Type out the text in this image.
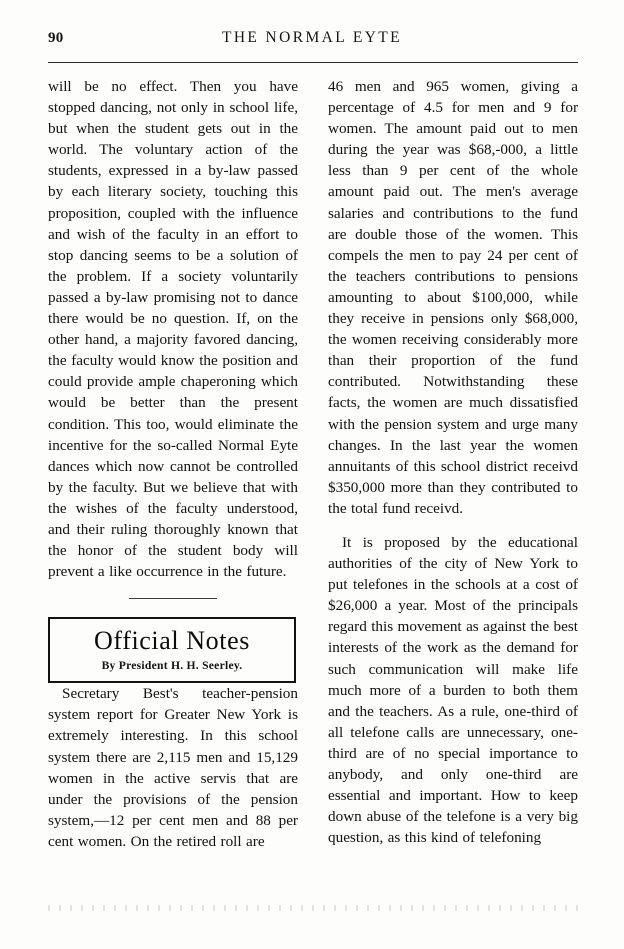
90	THE NORMAL EYTE

will be no effect. Then you have stopped dancing, not only in school life, but when the student gets out in the world. The voluntary action of the students, expressed in a by-law passed by each literary society, touching this proposition, coupled with the influence and wish of the faculty in an effort to stop dancing seems to be a solution of the problem. If a society voluntarily passed a by-law promising not to dance there would be no question. If, on the other hand, a majority favored dancing, the faculty would know the position and could provide ample chaperoning which would be better than the present condition. This too, would eliminate the incentive for the so-called Normal Eyte dances which now cannot be controlled by the faculty. But we believe that with the wishes of the faculty understood, and their ruling thoroughly known that the honor of the student body will prevent a like occurrence in the future.

Official Notes

By President H. H. Seerley.

Secretary Best's teacher-pension system report for Greater New York is extremely interesting. In this school system there are 2,115 men and 15,129 women in the active servis that are under the provisions of the pension system,—12 per cent men and 88 per cent women. On the retired roll are

46 men and 965 women, giving a percentage of 4.5 for men and 9 for women. The amount paid out to men during the year was $68,-000, a little less than 9 per cent of the whole amount paid out. The men's average salaries and contributions to the fund are double those of the women. This compels the men to pay 24 per cent of the teachers contributions to pensions amounting to about $100,000, while they receive in pensions only $68,000, the women receiving considerably more than their proportion of the fund contributed. Notwithstanding these facts, the women are much dissatisfied with the pension system and urge many changes. In the last year the women annuitants of this school district receivd $350,000 more than they contributed to the total fund receivd.

It is proposed by the educational authorities of the city of New York to put telefones in the schools at a cost of $26,000 a year. Most of the principals regard this movement as against the best interests of the work as the demand for such communication will make life much more of a burden to both them and the teachers. As a rule, one-third of all telefone calls are unnecessary, one-third are of no special importance to anybody, and only one-third are essential and important. How to keep down abuse of the telefone is a very big question, as this kind of telefoning
